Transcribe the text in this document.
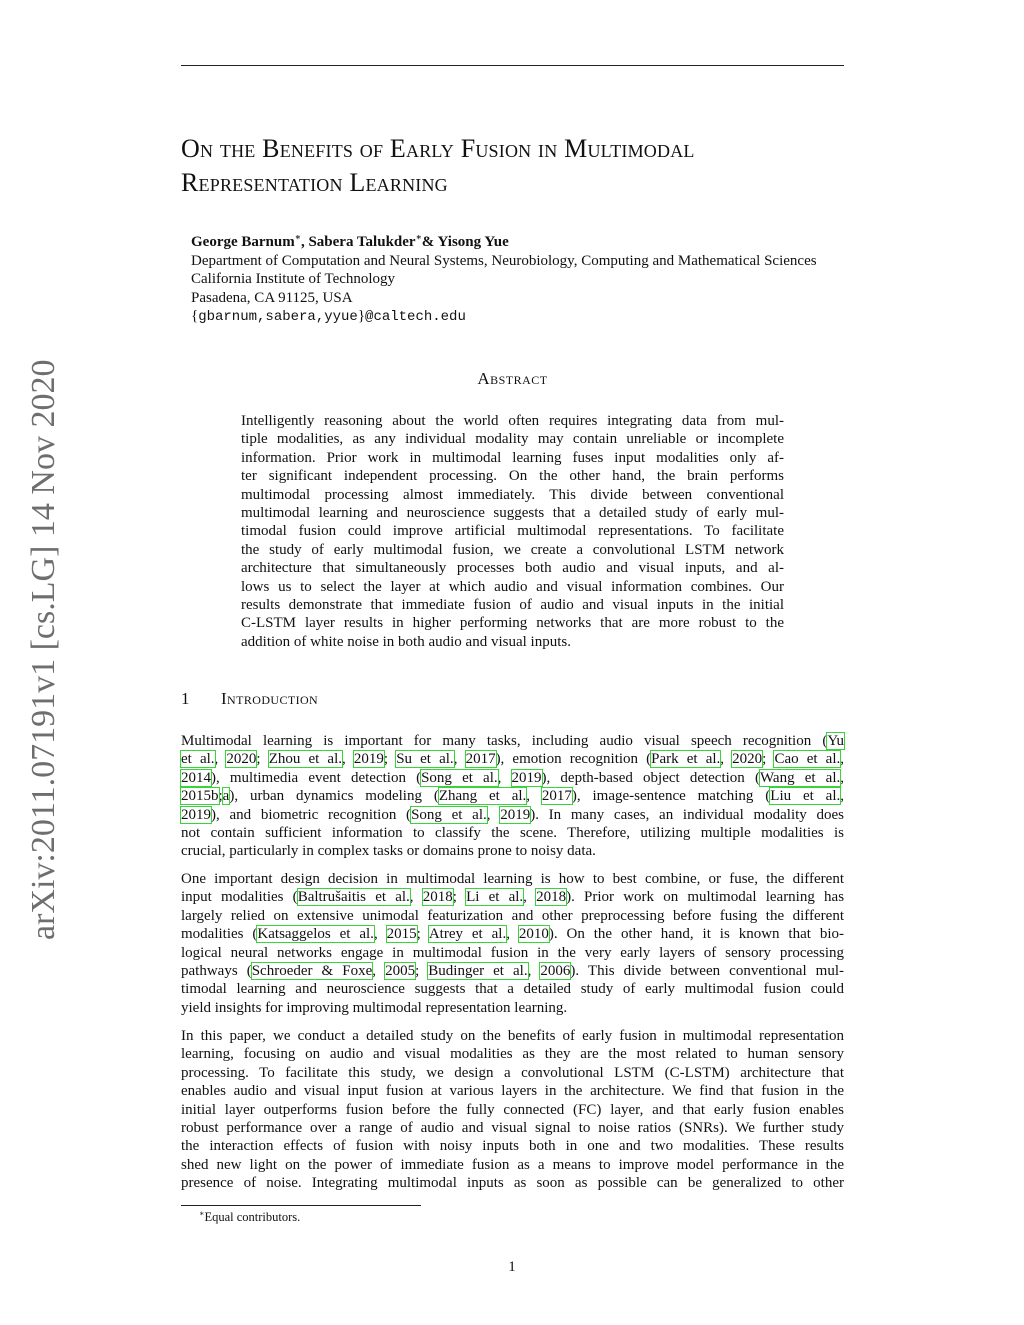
arXiv:2011.07191v1 [cs.LG] 14 Nov 2020
On the Benefits of Early Fusion in Multimodal
Representation Learning
George Barnum∗, Sabera Talukder∗& Yisong Yue
Department of Computation and Neural Systems, Neurobiology, Computing and Mathematical Sciences
California Institute of Technology
Pasadena, CA 91125, USA
{gbarnum,sabera,yyue}@caltech.edu
Abstract
Intelligently reasoning about the world often requires integrating data from mul-
tiple modalities, as any individual modality may contain unreliable or incomplete
information. Prior work in multimodal learning fuses input modalities only af-
ter significant independent processing. On the other hand, the brain performs
multimodal processing almost immediately. This divide between conventional
multimodal learning and neuroscience suggests that a detailed study of early mul-
timodal fusion could improve artificial multimodal representations. To facilitate
the study of early multimodal fusion, we create a convolutional LSTM network
architecture that simultaneously processes both audio and visual inputs, and al-
lows us to select the layer at which audio and visual information combines. Our
results demonstrate that immediate fusion of audio and visual inputs in the initial
C-LSTM layer results in higher performing networks that are more robust to the
addition of white noise in both audio and visual inputs.
1 Introduction
Multimodal learning is important for many tasks, including audio visual speech recognition (Yu
et al., 2020; Zhou et al., 2019; Su et al., 2017), emotion recognition (Park et al., 2020; Cao et al.,
2014), multimedia event detection (Song et al., 2019), depth-based object detection (Wang et al.,
2015b;a), urban dynamics modeling (Zhang et al., 2017), image-sentence matching (Liu et al.,
2019), and biometric recognition (Song et al., 2019). In many cases, an individual modality does
not contain sufficient information to classify the scene. Therefore, utilizing multiple modalities is
crucial, particularly in complex tasks or domains prone to noisy data.
One important design decision in multimodal learning is how to best combine, or fuse, the different
input modalities (Baltrušaitis et al., 2018; Li et al., 2018). Prior work on multimodal learning has
largely relied on extensive unimodal featurization and other preprocessing before fusing the different
modalities (Katsaggelos et al., 2015; Atrey et al., 2010). On the other hand, it is known that bio-
logical neural networks engage in multimodal fusion in the very early layers of sensory processing
pathways (Schroeder & Foxe, 2005; Budinger et al., 2006). This divide between conventional mul-
timodal learning and neuroscience suggests that a detailed study of early multimodal fusion could
yield insights for improving multimodal representation learning.
In this paper, we conduct a detailed study on the benefits of early fusion in multimodal representation
learning, focusing on audio and visual modalities as they are the most related to human sensory
processing. To facilitate this study, we design a convolutional LSTM (C-LSTM) architecture that
enables audio and visual input fusion at various layers in the architecture. We find that fusion in the
initial layer outperforms fusion before the fully connected (FC) layer, and that early fusion enables
robust performance over a range of audio and visual signal to noise ratios (SNRs). We further study
the interaction effects of fusion with noisy inputs both in one and two modalities. These results
shed new light on the power of immediate fusion as a means to improve model performance in the
presence of noise. Integrating multimodal inputs as soon as possible can be generalized to other
∗Equal contributors.
1
